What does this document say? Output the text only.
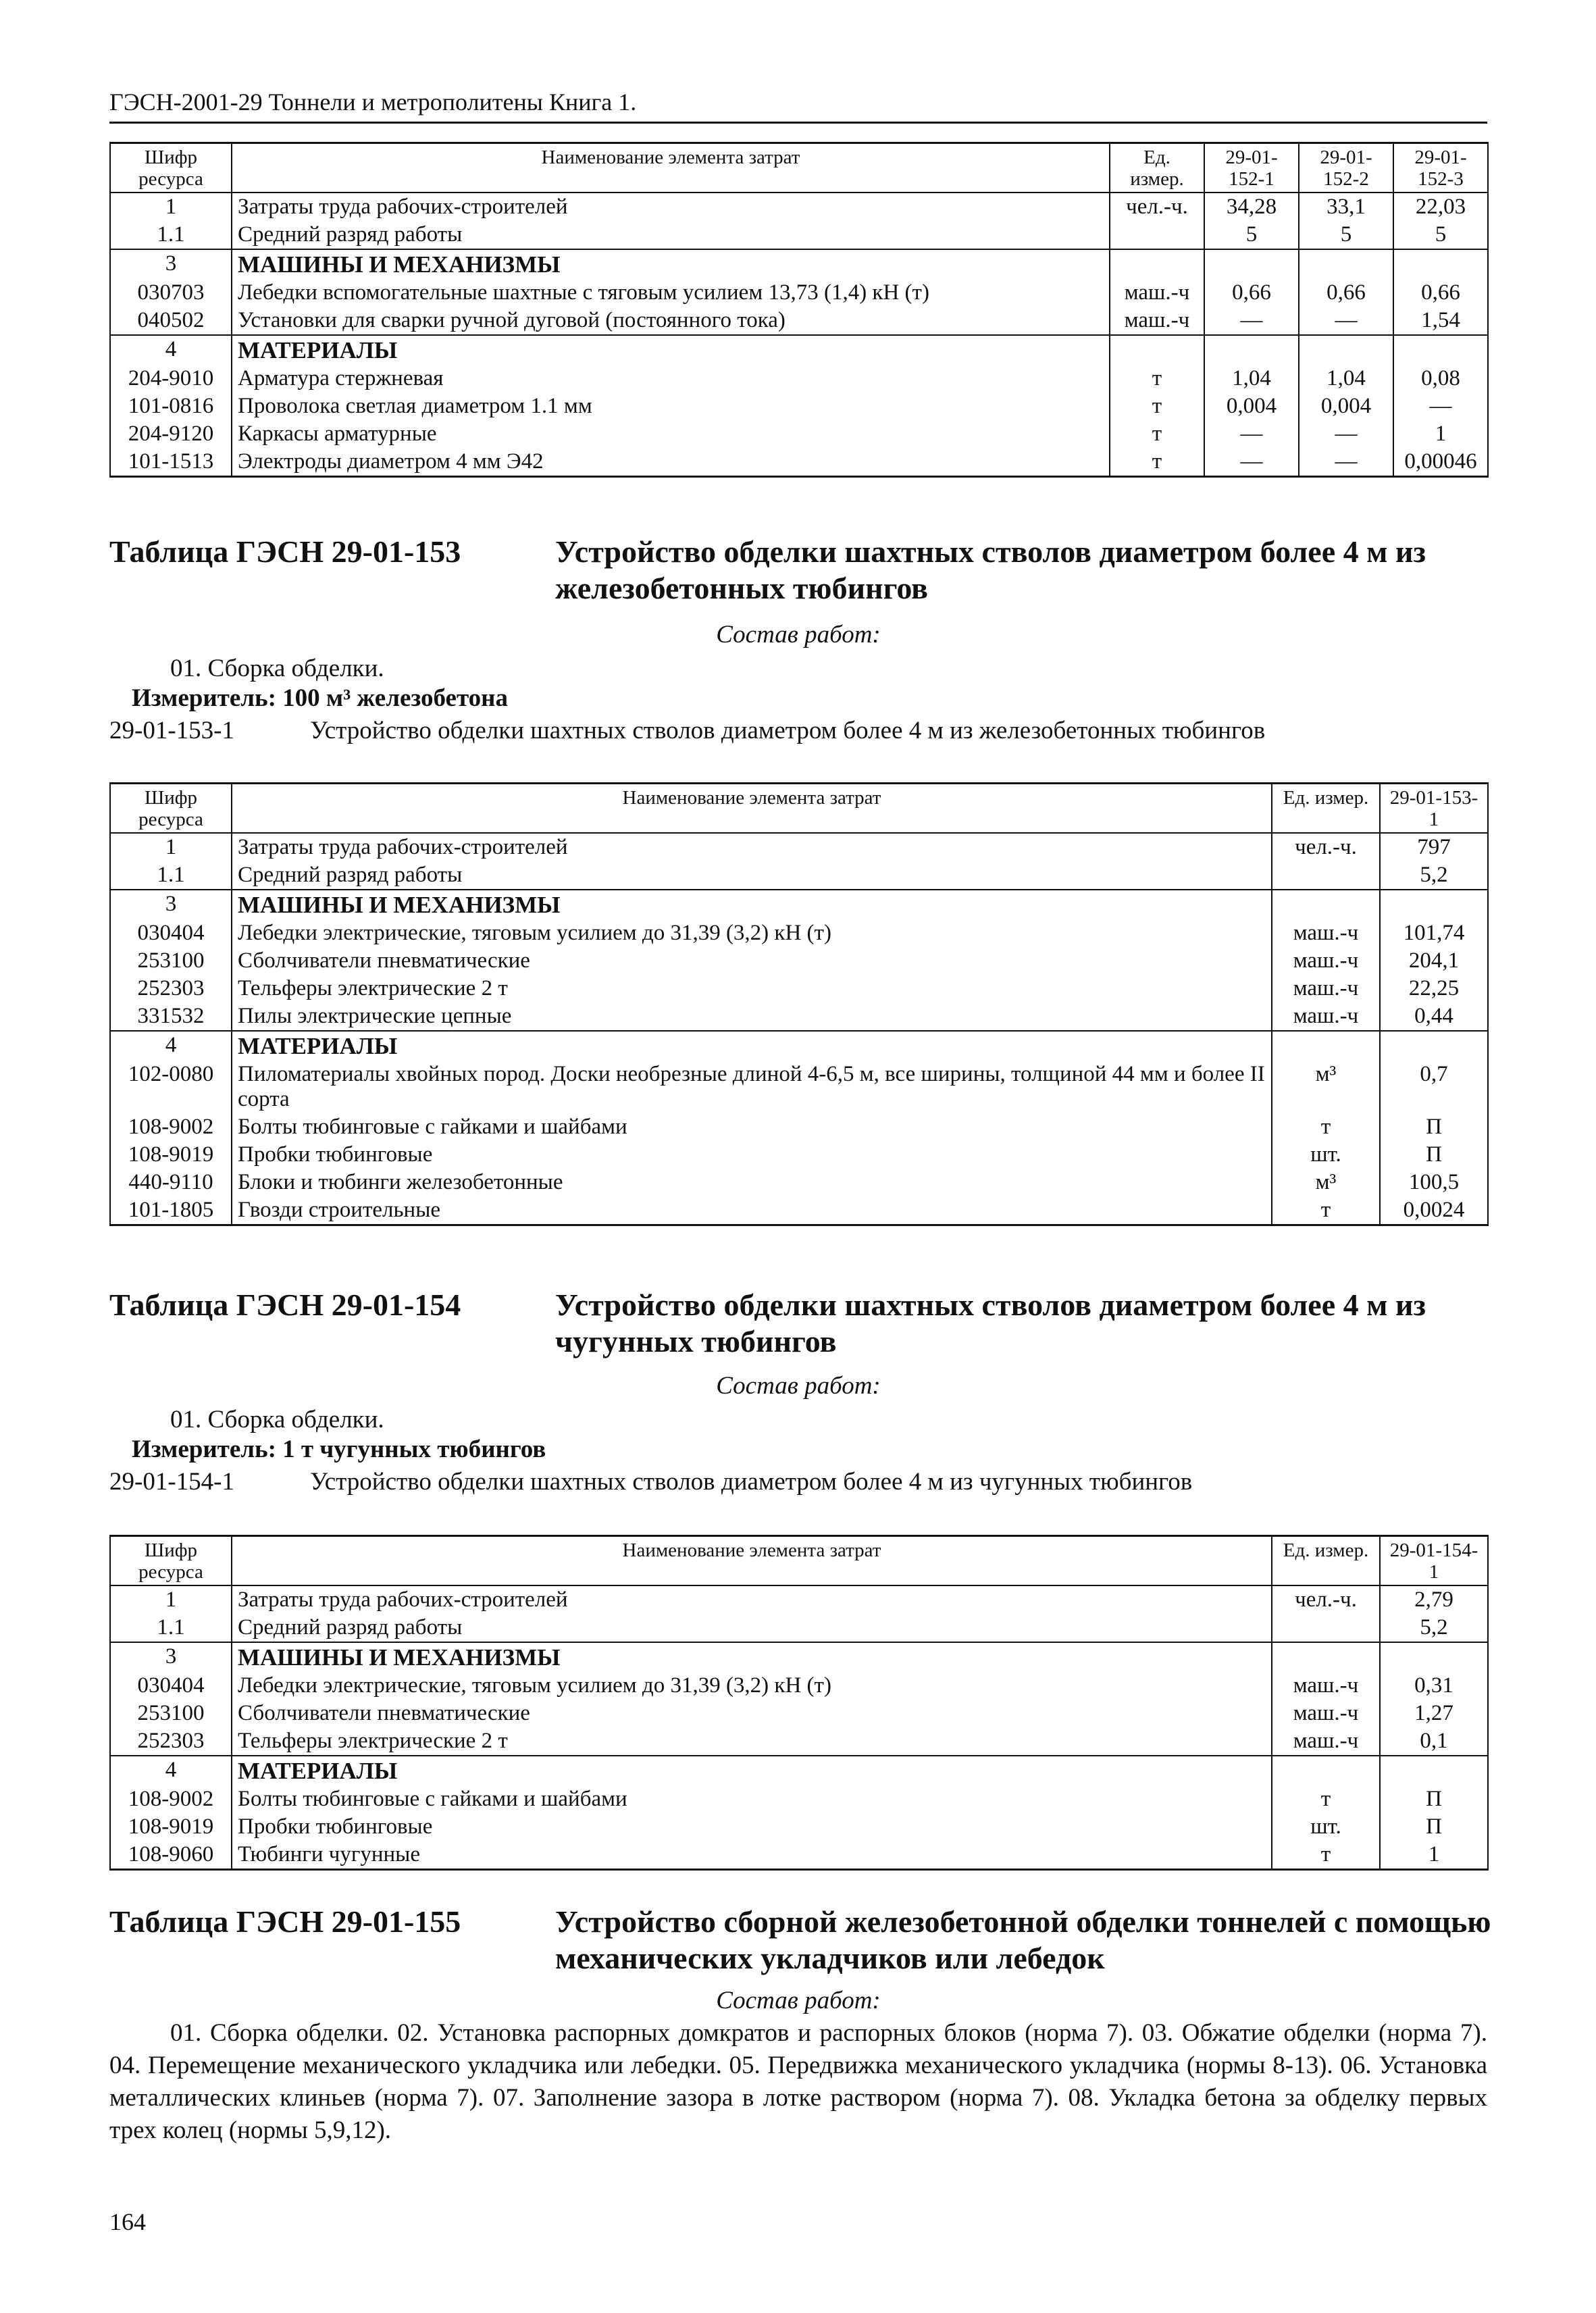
ГЭСН-2001-29 Тоннели и метрополитены Книга 1.
Шифр ресурса	Наименование элемента затрат	Ед. измер.	29-01-152-1	29-01-152-2	29-01-152-3
1	Затраты труда рабочих-строителей	чел.-ч.	34,28	33,1	22,03
1.1	Средний разряд работы		5	5	5
3	МАШИНЫ И МЕХАНИЗМЫ				
030703	Лебедки вспомогательные шахтные с тяговым усилием 13,73 (1,4) кН (т)	маш.-ч	0,66	0,66	0,66
040502	Установки для сварки ручной дуговой (постоянного тока)	маш.-ч	—	—	1,54
4	МАТЕРИАЛЫ				
204-9010	Арматура стержневая	т	1,04	1,04	0,08
101-0816	Проволока светлая диаметром 1.1 мм	т	0,004	0,004	—
204-9120	Каркасы арматурные	т	—	—	1
101-1513	Электроды диаметром 4 мм Э42	т	—	—	0,00046
Таблица ГЭСН 29-01-153	Устройство обделки шахтных стволов диаметром более 4 м из железобетонных тюбингов
Состав работ:
01. Сборка обделки.
Измеритель: 100 м³ железобетона
29-01-153-1	Устройство обделки шахтных стволов диаметром более 4 м из железобетонных тюбингов
Шифр ресурса	Наименование элемента затрат	Ед. измер.	29-01-153-1
1	Затраты труда рабочих-строителей	чел.-ч.	797
1.1	Средний разряд работы		5,2
3	МАШИНЫ И МЕХАНИЗМЫ		
030404	Лебедки электрические, тяговым усилием до 31,39 (3,2) кН (т)	маш.-ч	101,74
253100	Сболчиватели пневматические	маш.-ч	204,1
252303	Тельферы электрические 2 т	маш.-ч	22,25
331532	Пилы электрические цепные	маш.-ч	0,44
4	МАТЕРИАЛЫ		
102-0080	Пиломатериалы хвойных пород. Доски необрезные длиной 4-6,5 м, все ширины, толщиной 44 мм и более II сорта	м³	0,7
108-9002	Болты тюбинговые с гайками и шайбами	т	П
108-9019	Пробки тюбинговые	шт.	П
440-9110	Блоки и тюбинги железобетонные	м³	100,5
101-1805	Гвозди строительные	т	0,0024
Таблица ГЭСН 29-01-154	Устройство обделки шахтных стволов диаметром более 4 м из чугунных тюбингов
Состав работ:
01. Сборка обделки.
Измеритель: 1 т чугунных тюбингов
29-01-154-1	Устройство обделки шахтных стволов диаметром более 4 м из чугунных тюбингов
Шифр ресурса	Наименование элемента затрат	Ед. измер.	29-01-154-1
1	Затраты труда рабочих-строителей	чел.-ч.	2,79
1.1	Средний разряд работы		5,2
3	МАШИНЫ И МЕХАНИЗМЫ		
030404	Лебедки электрические, тяговым усилием до 31,39 (3,2) кН (т)	маш.-ч	0,31
253100	Сболчиватели пневматические	маш.-ч	1,27
252303	Тельферы электрические 2 т	маш.-ч	0,1
4	МАТЕРИАЛЫ		
108-9002	Болты тюбинговые с гайками и шайбами	т	П
108-9019	Пробки тюбинговые	шт.	П
108-9060	Тюбинги чугунные	т	1
Таблица ГЭСН 29-01-155	Устройство сборной железобетонной обделки тоннелей с помощью механических укладчиков или лебедок
Состав работ:
01. Сборка обделки. 02. Установка распорных домкратов и распорных блоков (норма 7). 03. Обжатие обделки (норма 7). 04. Перемещение механического укладчика или лебедки. 05. Передвижка механического укладчика (нормы 8-13). 06. Установка металлических клиньев (норма 7). 07. Заполнение зазора в лотке раствором (норма 7). 08. Укладка бетона за обделку первых трех колец (нормы 5,9,12).
164
